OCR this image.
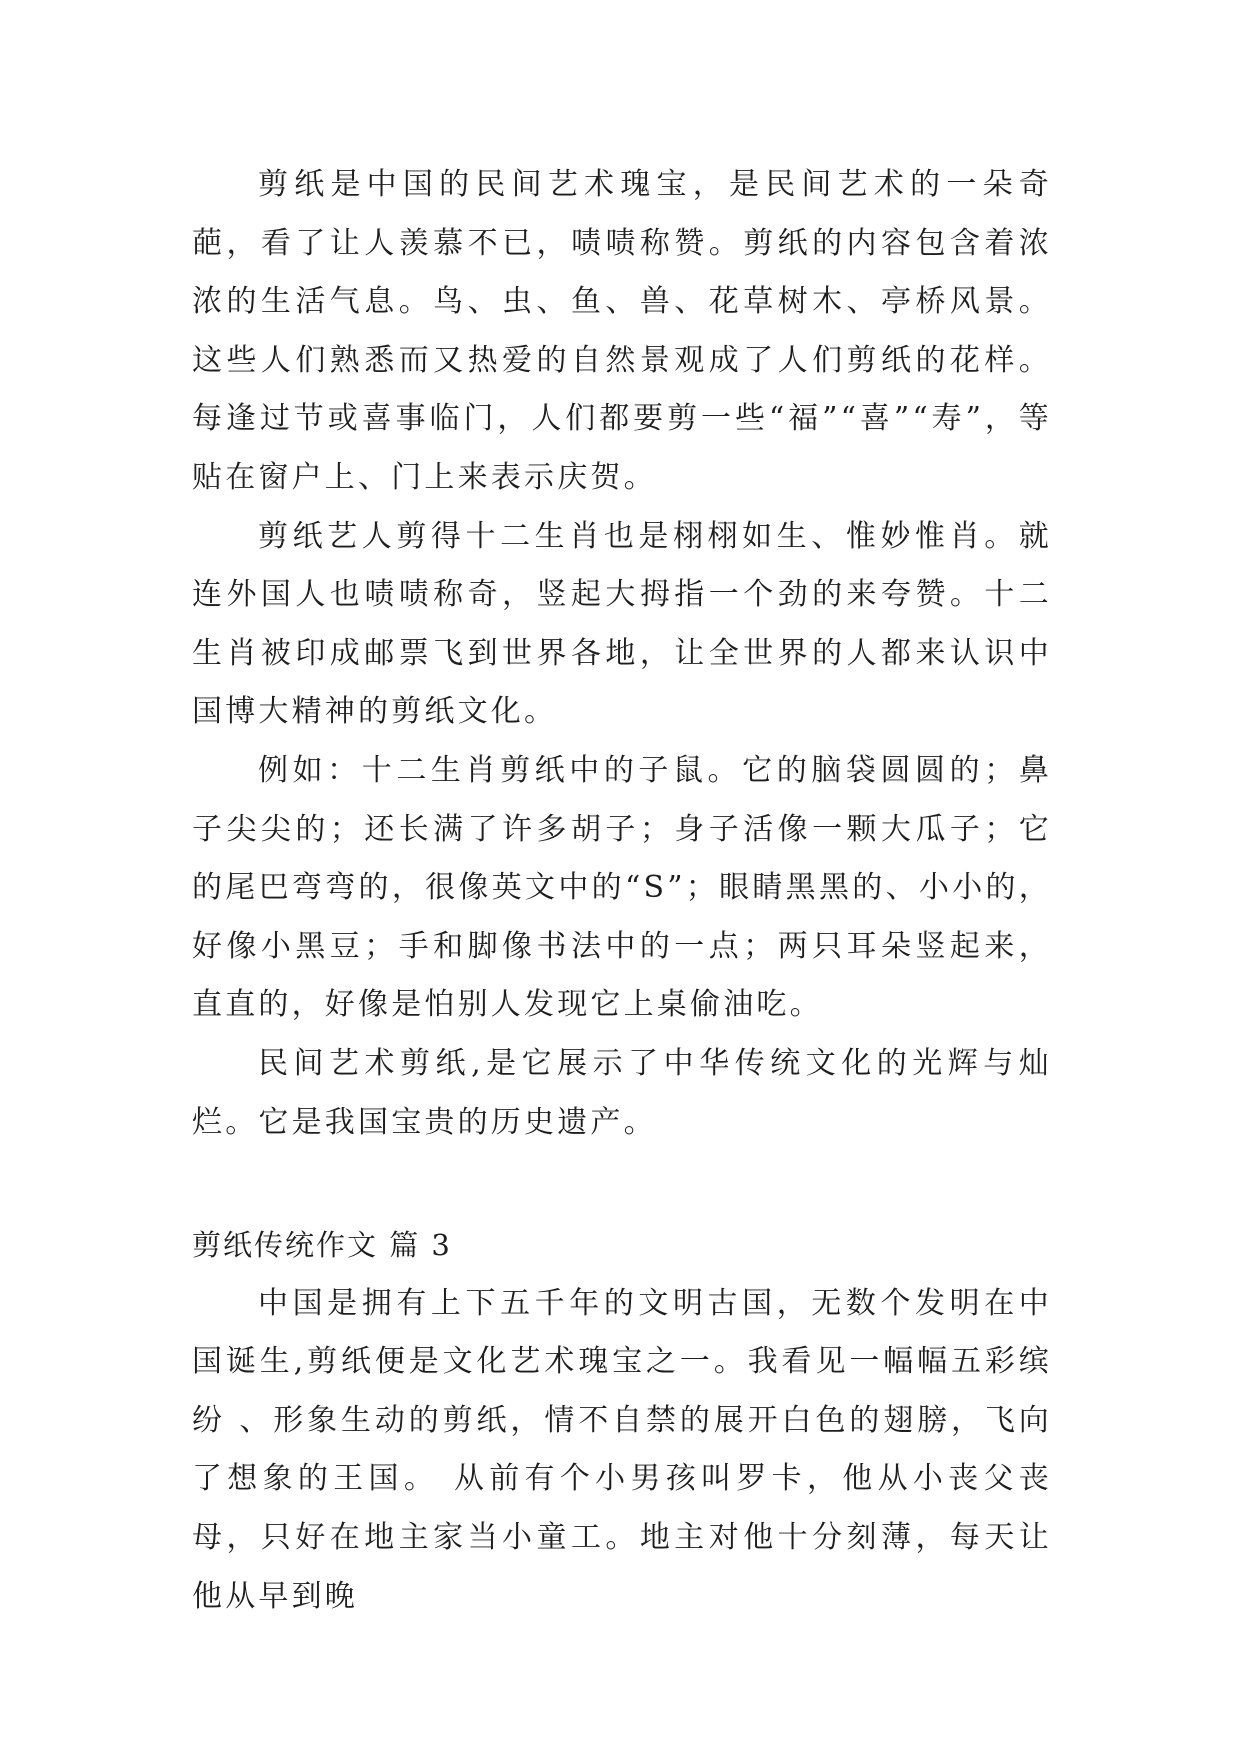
剪纸是中国的民间艺术瑰宝，是民间艺术的一朵奇葩，看了让人羡慕不已，啧啧称赞。剪纸的内容包含着浓浓的生活气息。鸟、虫、鱼、兽、花草树木、亭桥风景。这些人们熟悉而又热爱的自然景观成了人们剪纸的花样。每逢过节或喜事临门，人们都要剪一些“福”“喜”“寿”，等贴在窗户上、门上来表示庆贺。

剪纸艺人剪得十二生肖也是栩栩如生、惟妙惟肖。就连外国人也啧啧称奇，竖起大拇指一个劲的来夸赞。十二生肖被印成邮票飞到世界各地，让全世界的人都来认识中国博大精神的剪纸文化。

例如：十二生肖剪纸中的子鼠。它的脑袋圆圆的；鼻子尖尖的；还长满了许多胡子；身子活像一颗大瓜子；它的尾巴弯弯的，很像英文中的“S”；眼睛黑黑的、小小的，好像小黑豆；手和脚像书法中的一点；两只耳朵竖起来，直直的，好像是怕别人发现它上桌偷油吃。

民间艺术剪纸,是它展示了中华传统文化的光辉与灿烂。它是我国宝贵的历史遗产。

剪纸传统作文 篇 3

中国是拥有上下五千年的文明古国，无数个发明在中国诞生,剪纸便是文化艺术瑰宝之一。我看见一幅幅五彩缤纷 、形象生动的剪纸，情不自禁的展开白色的翅膀，飞向了想象的王国。 从前有个小男孩叫罗卡，他从小丧父丧母，只好在地主家当小童工。地主对他十分刻薄，每天让他从早到晚
